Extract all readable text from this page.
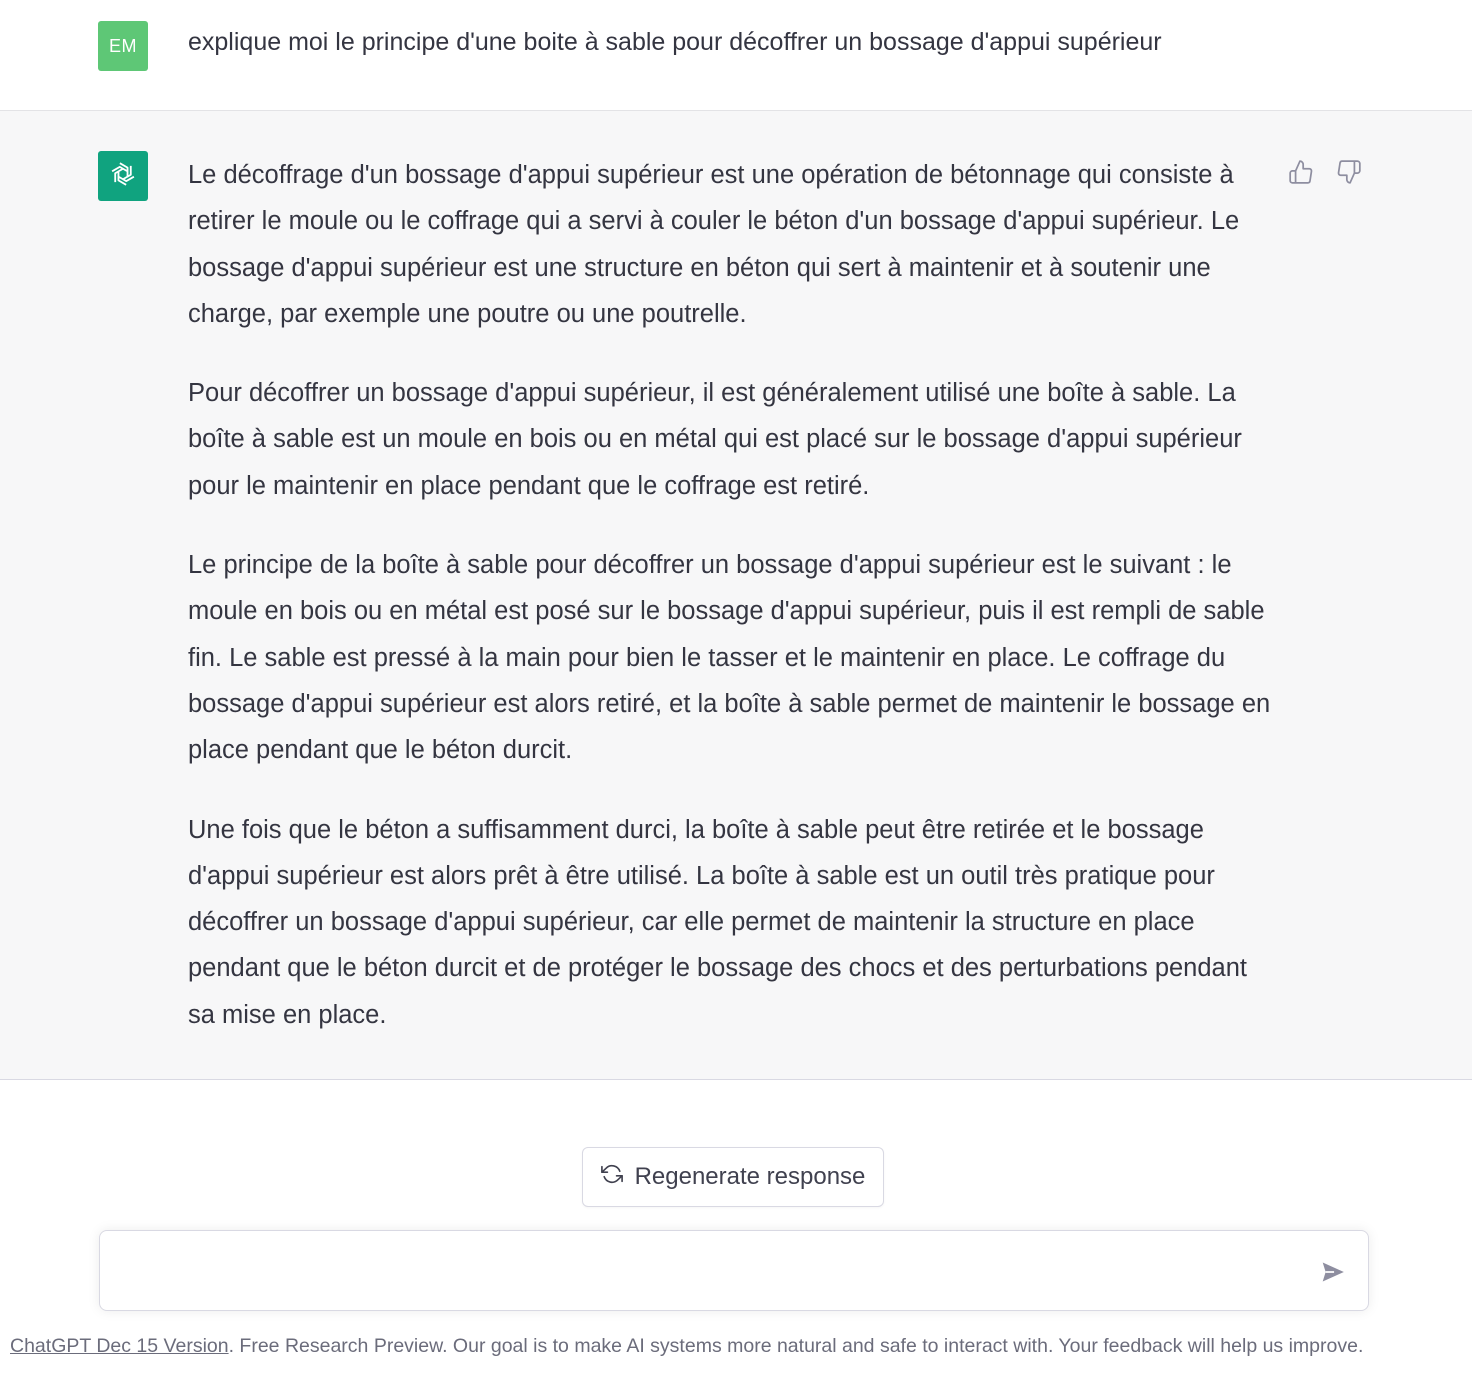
EM explique moi le principe d'une boite à sable pour décoffrer un bossage d'appui supérieur

Le décoffrage d'un bossage d'appui supérieur est une opération de bétonnage qui consiste à retirer le moule ou le coffrage qui a servi à couler le béton d'un bossage d'appui supérieur. Le bossage d'appui supérieur est une structure en béton qui sert à maintenir et à soutenir une charge, par exemple une poutre ou une poutrelle.

Pour décoffrer un bossage d'appui supérieur, il est généralement utilisé une boîte à sable. La boîte à sable est un moule en bois ou en métal qui est placé sur le bossage d'appui supérieur pour le maintenir en place pendant que le coffrage est retiré.

Le principe de la boîte à sable pour décoffrer un bossage d'appui supérieur est le suivant : le moule en bois ou en métal est posé sur le bossage d'appui supérieur, puis il est rempli de sable fin. Le sable est pressé à la main pour bien le tasser et le maintenir en place. Le coffrage du bossage d'appui supérieur est alors retiré, et la boîte à sable permet de maintenir le bossage en place pendant que le béton durcit.

Une fois que le béton a suffisamment durci, la boîte à sable peut être retirée et le bossage d'appui supérieur est alors prêt à être utilisé. La boîte à sable est un outil très pratique pour décoffrer un bossage d'appui supérieur, car elle permet de maintenir la structure en place pendant que le béton durcit et de protéger le bossage des chocs et des perturbations pendant sa mise en place.

Regenerate response
ChatGPT Dec 15 Version. Free Research Preview. Our goal is to make AI systems more natural and safe to interact with. Your feedback will help us improve.
